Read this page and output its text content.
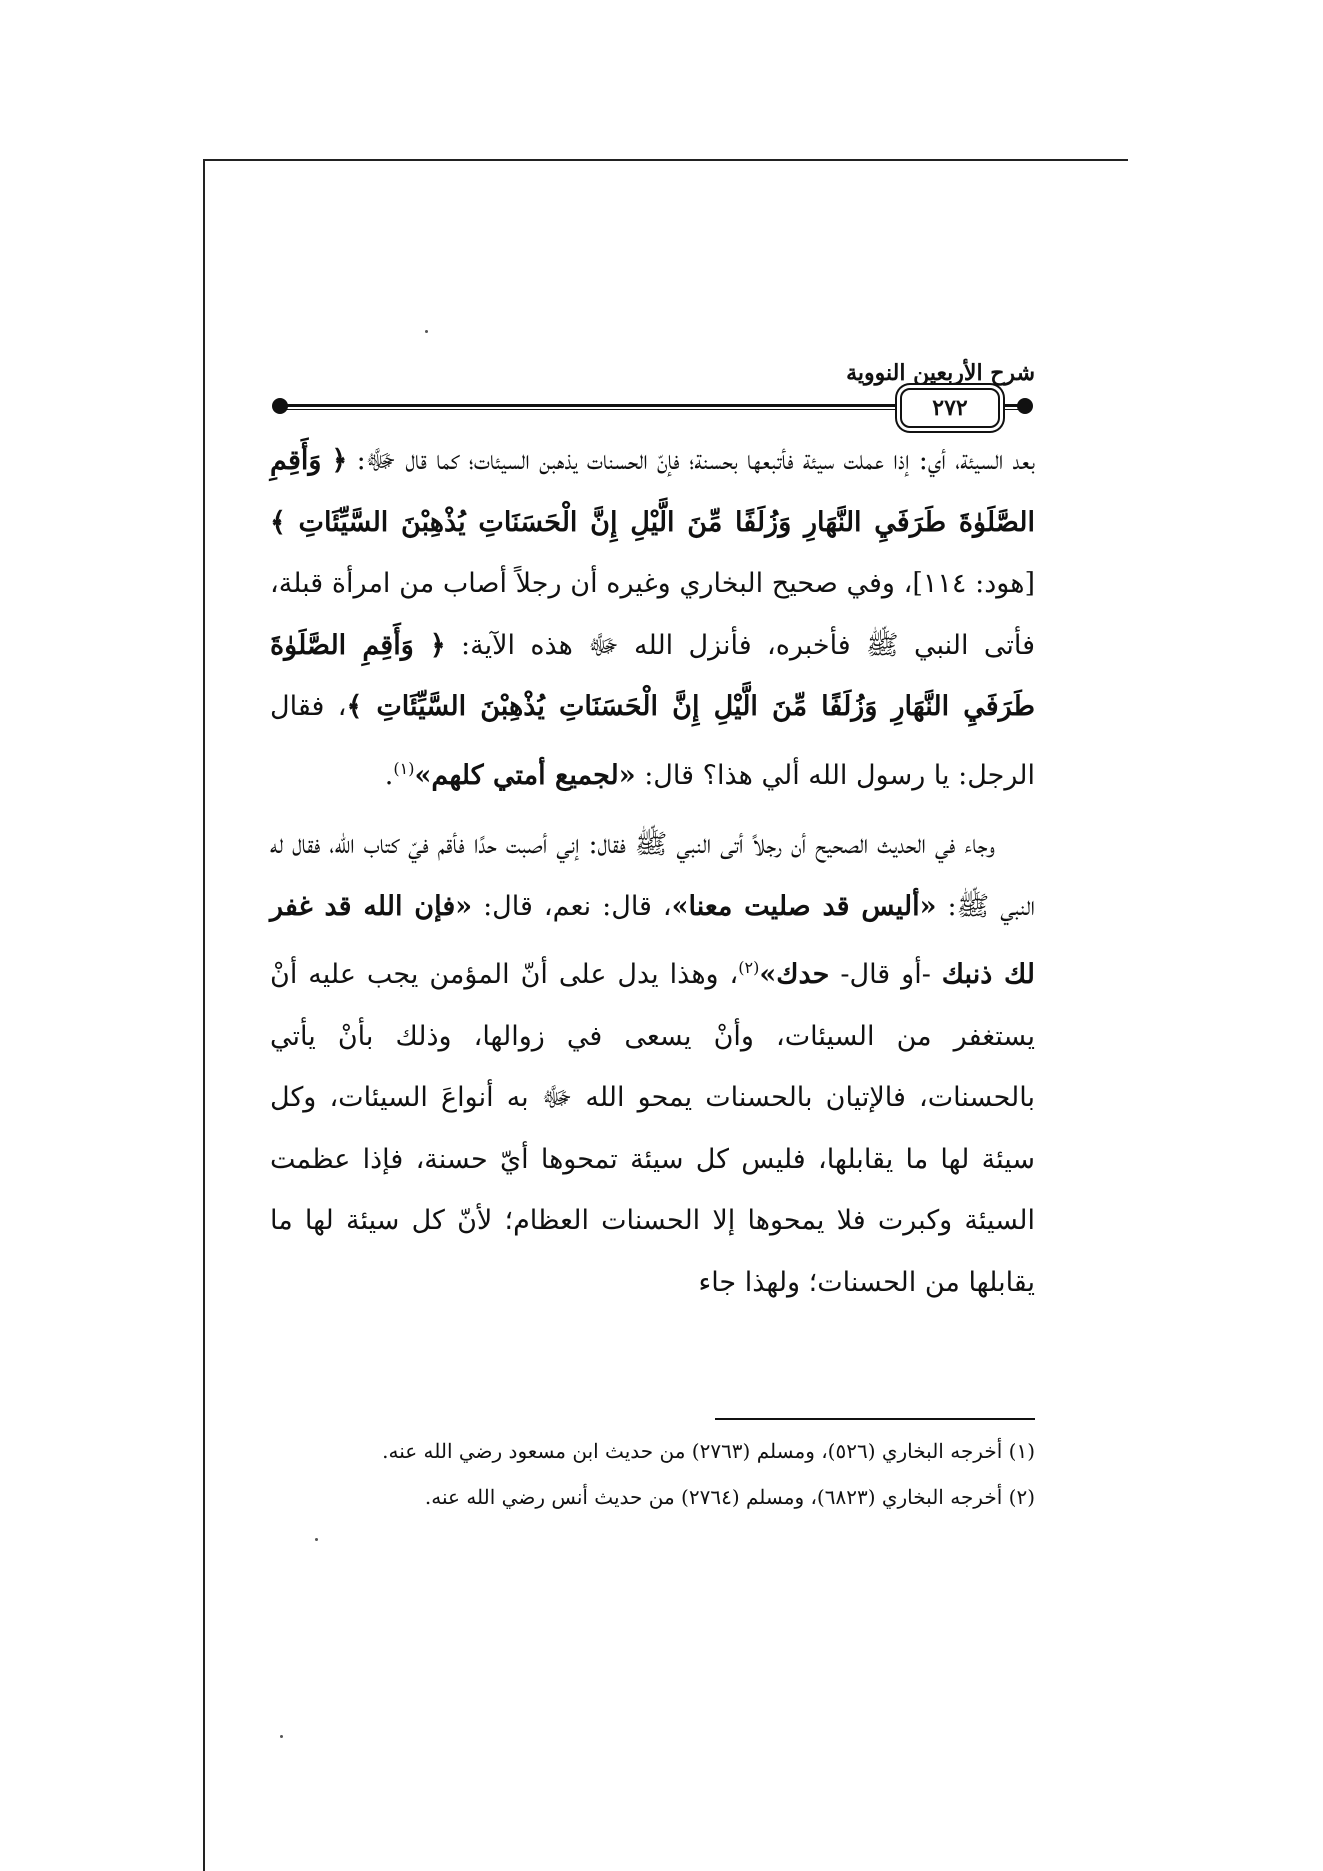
شرح الأربعين النووية
٢٧٢

بعد السيئة، أي: إذا عملت سيئة فأتبعها بحسنة؛ فإنّ الحسنات يذهبن السيئات؛ كما قال ﷻ: ﴿ وَأَقِمِ الصَّلَوٰةَ طَرَفَيِ النَّهَارِ وَزُلَفًا مِّنَ الَّيْلِ إِنَّ الْحَسَنَاتِ يُذْهِبْنَ السَّيِّئَاتِ ﴾ [هود: ١١٤]، وفي صحيح البخاري وغيره أن رجلاً أصاب من امرأة قبلة، فأتى النبي ﷺ فأخبره، فأنزل الله ﷻ هذه الآية: ﴿ وَأَقِمِ الصَّلَوٰةَ طَرَفَيِ النَّهَارِ وَزُلَفًا مِّنَ الَّيْلِ إِنَّ الْحَسَنَاتِ يُذْهِبْنَ السَّيِّئَاتِ ﴾، فقال الرجل: يا رسول الله ألي هذا؟ قال: «لجميع أمتي كلهم»$^{(١)}$.

وجاء في الحديث الصحيح أن رجلاً أتى النبي ﷺ فقال: إني أصبت حدًا فأقم فيّ كتاب الله، فقال له النبي ﷺ: «أليس قد صليت معنا»، قال: نعم، قال: «فإن الله قد غفر لك ذنبك -أو قال- حدك»$^{(٢)}$، وهذا يدل على أنّ المؤمن يجب عليه أنْ يستغفر من السيئات، وأنْ يسعى في زوالها، وذلك بأنْ يأتي بالحسنات، فالإتيان بالحسنات يمحو الله ﷻ به أنواعَ السيئات، وكل سيئة لها ما يقابلها، فليس كل سيئة تمحوها أيّ حسنة، فإذا عظمت السيئة وكبرت فلا يمحوها إلا الحسنات العظام؛ لأنّ كل سيئة لها ما يقابلها من الحسنات؛ ولهذا جاء

(١) أخرجه البخاري (٥٢٦)، ومسلم (٢٧٦٣) من حديث ابن مسعود رضي الله عنه.

(٢) أخرجه البخاري (٦٨٢٣)، ومسلم (٢٧٦٤) من حديث أنس رضي الله عنه.
